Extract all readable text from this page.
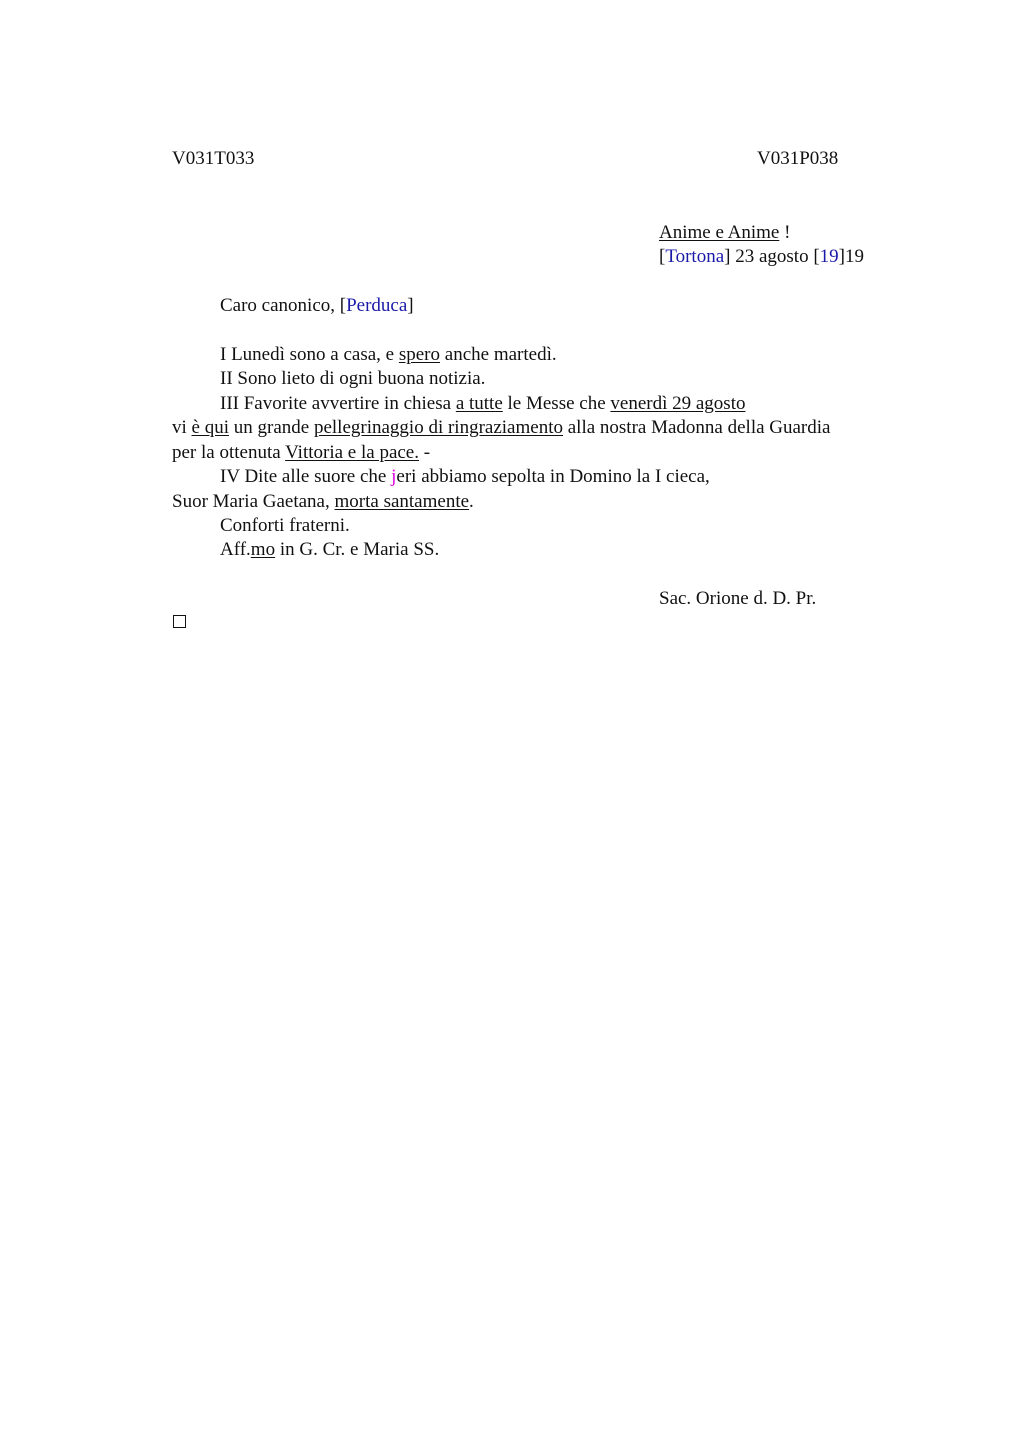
V031T033	V031P038
Anime e Anime !
[Tortona] 23 agosto [19]19
Caro canonico, [Perduca]
I Lunedì sono a casa, e spero anche martedì.
II Sono lieto di ogni buona notizia.
III Favorite avvertire in chiesa a tutte le Messe che venerdì 29 agosto
vi è qui un grande pellegrinaggio di ringraziamento alla nostra Madonna della Guardia
per la ottenuta Vittoria e la pace. -
IV Dite alle suore che jeri abbiamo sepolta in Domino la I cieca,
Suor Maria Gaetana, morta santamente.
Conforti fraterni.
Aff.mo in G. Cr. e Maria SS.
Sac. Orione d. D. Pr.
